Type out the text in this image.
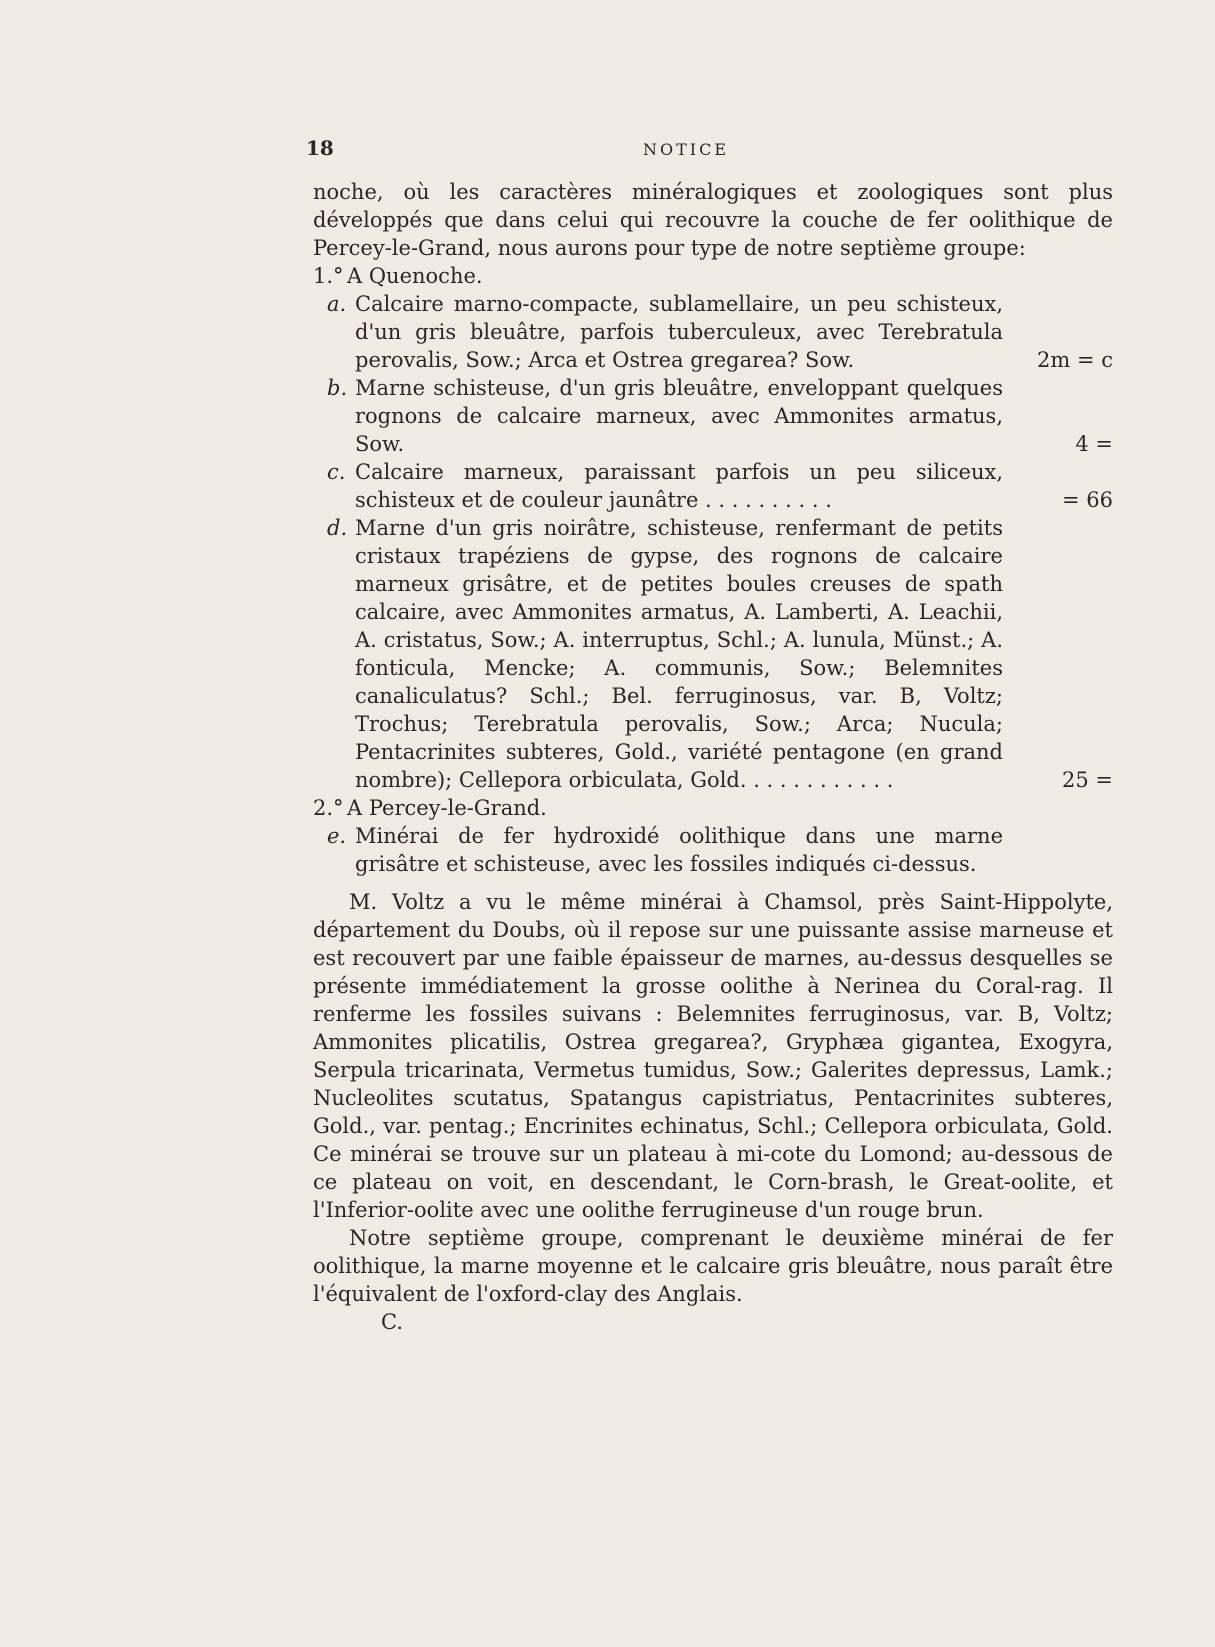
18	NOTICE

noche, où les caractères minéralogiques et zoologiques sont plus développés que dans celui qui recouvre la couche de fer oolithique de Percey-le-Grand, nous aurons pour type de notre septième groupe:

1.° A Quenoche.
a. Calcaire marno-compacte, sublamellaire, un peu schisteux, d'un gris bleuâtre, parfois tuberculeux, avec Terebratula perovalis, Sow.; Arca et Ostrea gregarea? Sow.	2m = c
b. Marne schisteuse, d'un gris bleuâtre, enveloppant quelques rognons de calcaire marneux, avec Ammonites armatus, Sow.	4 =
c. Calcaire marneux, paraissant parfois un peu siliceux, schisteux et de couleur jaunâtre . . . . . . . . . .	= 66
d. Marne d'un gris noirâtre, schisteuse, renfermant de petits cristaux trapéziens de gypse, des rognons de calcaire marneux grisâtre, et de petites boules creuses de spath calcaire, avec Ammonites armatus, A. Lamberti, A. Leachii, A. cristatus, Sow.; A. interruptus, Schl.; A. lunula, Münst.; A. fonticula, Mencke; A. communis, Sow.; Belemnites canaliculatus? Schl.; Bel. ferruginosus, var. B, Voltz; Trochus; Terebratula perovalis, Sow.; Arca; Nucula; Pentacrinites subteres, Gold., variété pentagone (en grand nombre); Cellepora orbiculata, Gold. . . . . . . . . . . .	25 =
2.° A Percey-le-Grand.
e. Minérai de fer hydroxidé oolithique dans une marne grisâtre et schisteuse, avec les fossiles indiqués ci-dessus.

M. Voltz a vu le même minérai à Chamsol, près Saint-Hippolyte, département du Doubs, où il repose sur une puissante assise marneuse et est recouvert par une faible épaisseur de marnes, au-dessus desquelles se présente immédiatement la grosse oolithe à Nerinea du Coral-rag. Il renferme les fossiles suivans : Belemnites ferruginosus, var. B, Voltz; Ammonites plicatilis, Ostrea gregarea?, Gryphæa gigantea, Exogyra, Serpula tricarinata, Vermetus tumidus, Sow.; Galerites depressus, Lamk.; Nucleolites scutatus, Spatangus capistriatus, Pentacrinites subteres, Gold., var. pentag.; Encrinites echinatus, Schl.; Cellepora orbiculata, Gold. Ce minérai se trouve sur un plateau à mi-cote du Lomond; au-dessous de ce plateau on voit, en descendant, le Corn-brash, le Great-oolite, et l'Inferior-oolite avec une oolithe ferrugineuse d'un rouge brun.

Notre septième groupe, comprenant le deuxième minérai de fer oolithique, la marne moyenne et le calcaire gris bleuâtre, nous paraît être l'équivalent de l'oxford-clay des Anglais.

C.
